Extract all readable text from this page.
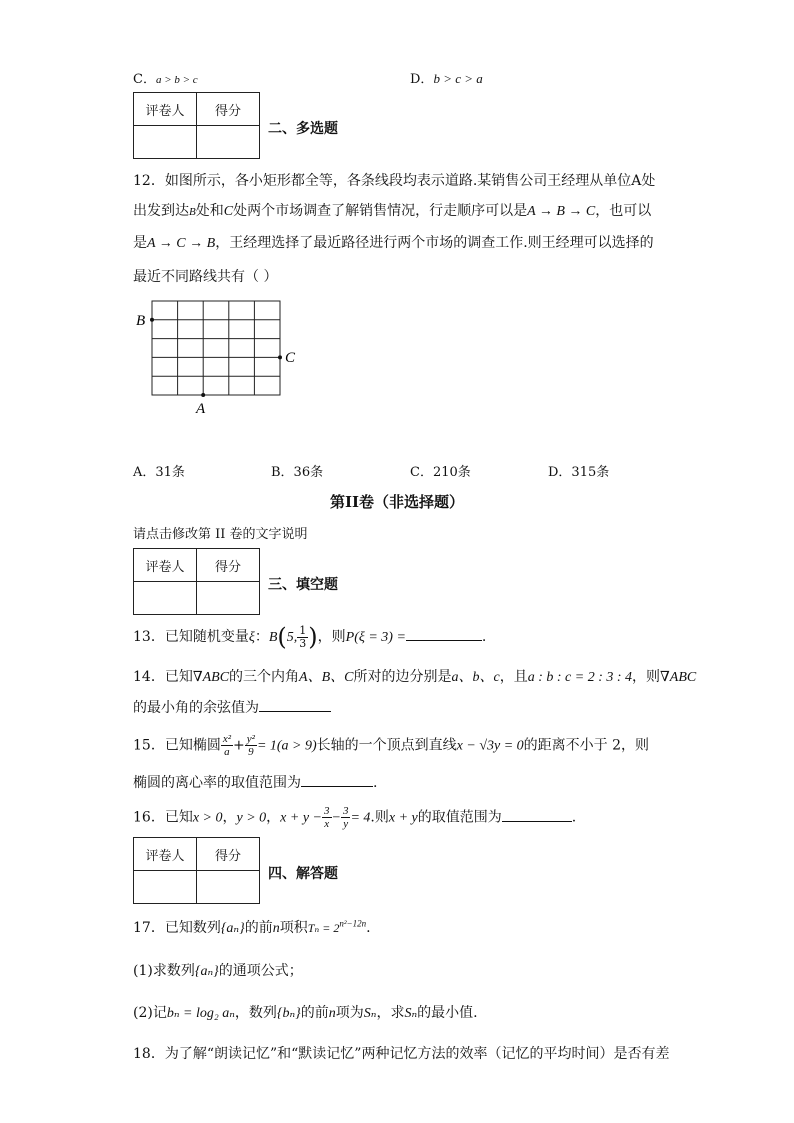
C．a > b > c	D．b > c > a
评卷人	得分

二、多选题
12．如图所示，各小矩形都全等，各条线段均表示道路.某销售公司王经理从单位A处
出发到达B处和C处两个市场调查了解销售情况，行走顺序可以是A → B → C，也可以
是A → C → B，王经理选择了最近路径进行两个市场的调查工作.则王经理可以选择的
最近不同路线共有（ ）
B
C
A
A．31条	B．36条	C．210条	D．315条
第II卷（非选择题）
请点击修改第 II 卷的文字说明
评卷人	得分

三、填空题
13．已知随机变量ξ：B(5, $\frac{1}{3}$ )，则P(ξ = 3) =	.
14．已知∇ABC的三个内角A、B、C所对的边分别是a、b、c，且a : b : c = 2 : 3 : 4，则∇ABC
的最小角的余弦值为
15．已知椭圆 $\frac{\text{x²}}{a} + \frac{\text{y²}}{9} = 1(a > 9)$长轴的一个顶点到直线x − √3y = 0的距离不小于 2，则
椭圆的离心率的取值范围为	.
16．已知x > 0，y > 0，$x + y - \frac{3}{x} - \frac{3}{y} = 4$.则x + y的取值范围为	.
评卷人	得分

四、解答题
17．已知数列{aₙ}的前n项积$T_n = 2^{n^2-12n}$.
(1)求数列{aₙ}的通项公式；
(2)记bₙ = log₂ aₙ，数列{bₙ}的前n项为Sₙ，求Sₙ的最小值.
18．为了解“朗读记忆”和“默读记忆”两种记忆方法的效率（记忆的平均时间）是否有差
